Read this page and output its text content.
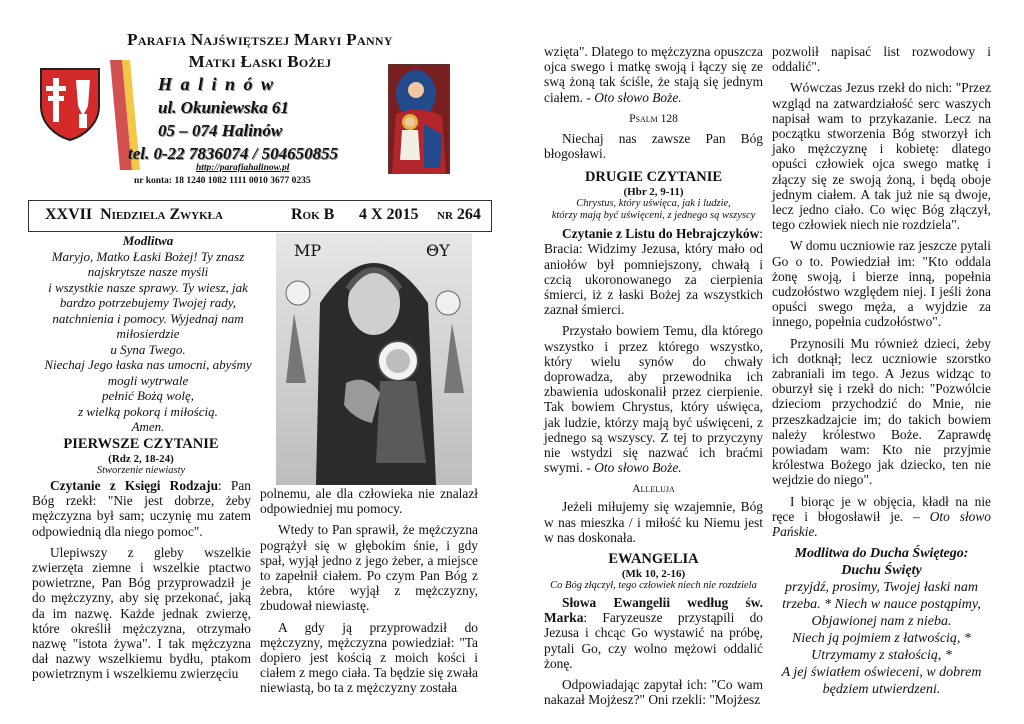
Parafia Najświętszej Maryi Panny
Matki Łaski Bożej
H a l i n ó w
ul. Okuniewska 61
05 – 074 Halinów
tel. 0-22 7836074 / 504650855
http://parafiahalinow.pl
nr konta: 18 1240 1082 1111 0010 3677 0235
XXVII  Niedziela Zwykła	Rok B 4 X 2015 nr 264
Modlitwa
Maryjo, Matko Łaski Bożej! Ty znasz
najskrytsze nasze myśli
i wszystkie nasze sprawy. Ty wiesz, jak
bardzo potrzebujemy Twojej rady,
natchnienia i pomocy. Wyjednaj nam
miłosierdzie
u Syna Twego.
Niechaj Jego łaska nas umocni, abyśmy
mogli wytrwale
pełnić Bożą wolę,
z wielką pokorą i miłością.
Amen.
MP	ΘY

PIERWSZE CZYTANIE

(Rdz 2, 18-24)

Stworzenie niewiasty

Czytanie z Księgi Rodzaju: Pan Bóg rzekł: "Nie jest dobrze, żeby mężczyzna był sam; uczynię mu zatem odpowiednią dla niego pomoc".

Ulepiwszy z gleby wszelkie zwierzęta ziemne i wszelkie ptactwo powietrzne, Pan Bóg przyprowadził je do mężczyzny, aby się przekonać, jaką da im nazwę. Każde jednak zwierzę, które określił mężczyzna, otrzymało nazwę "istota żywa". I tak mężczyzna dał nazwy wszelkiemu bydłu, ptakom powietrznym i wszelkiemu zwierzęciu

polnemu, ale dla człowieka nie znalazł odpowiedniej mu pomocy.

Wtedy to Pan sprawił, że mężczyzna pogrążył się w głębokim śnie, i gdy spał, wyjął jedno z jego żeber, a miejsce to zapełnił ciałem. Po czym Pan Bóg z żebra, które wyjął z mężczyzny, zbudował niewiastę.

A gdy ją przyprowadził do mężczyzny, mężczyzna powiedział: "Ta dopiero jest kością z moich kości i ciałem z mego ciała. Ta będzie się zwała niewiastą, bo ta z mężczyzny została

wzięta". Dlatego to mężczyzna opuszcza ojca swego i matkę swoją i łączy się ze swą żoną tak ściśle, że stają się jednym ciałem. - Oto słowo Boże.

Psalm 128

Niechaj nas zawsze Pan Bóg błogosławi.

DRUGIE CZYTANIE

(Hbr 2, 9-11)

Chrystus, który uświęca, jak i ludzie,

którzy mają być uświęceni, z jednego są wszyscy

Czytanie z Listu do Hebrajczyków: Bracia: Widzimy Jezusa, który mało od aniołów był pomniejszony, chwałą i czcią ukoronowanego za cierpienia śmierci, iż z łaski Bożej za wszystkich zaznał śmierci.

Przystało bowiem Temu, dla którego wszystko i przez którego wszystko, który wielu synów do chwały doprowadza, aby przewodnika ich zbawienia udoskonalił przez cierpienie. Tak bowiem Chrystus, który uświęca, jak ludzie, którzy mają być uświęceni, z jednego są wszyscy. Z tej to przyczyny nie wstydzi się nazwać ich braćmi swymi. - Oto słowo Boże.

Alleluja

Jeżeli miłujemy się wzajemnie, Bóg w nas mieszka / i miłość ku Niemu jest w nas doskonała.

EWANGELIA

(Mk 10, 2-16)

Co Bóg złączył, tego człowiek niech nie rozdziela

Słowa Ewangelii według św. Marka: Faryzeusze przystąpili do Jezusa i chcąc Go wystawić na próbę, pytali Go, czy wolno mężowi oddalić żonę.

Odpowiadając zapytał ich: "Co wam nakazał Mojżesz?" Oni rzekli: "Mojżesz

pozwolił napisać list rozwodowy i oddalić".

Wówczas Jezus rzekł do nich: "Przez wzgląd na zatwardziałość serc waszych napisał wam to przykazanie. Lecz na początku stworzenia Bóg stworzył ich jako mężczyznę i kobietę: dlatego opuści człowiek ojca swego matkę i złączy się ze swoją żoną, i będą oboje jednym ciałem. A tak już nie są dwoje, lecz jedno ciało. Co więc Bóg złączył, tego człowiek niech nie rozdziela".

W domu uczniowie raz jeszcze pytali Go o to. Powiedział im: "Kto oddala żonę swoją, i bierze inną, popełnia cudzołóstwo względem niej. I jeśli żona opuści swego męża, a wyjdzie za innego, popełnia cudzołóstwo".

Przynosili Mu również dzieci, żeby ich dotknął; lecz uczniowie szorstko zabraniali im tego. A Jezus widząc to oburzył się i rzekł do nich: "Pozwólcie dzieciom przychodzić do Mnie, nie przeszkadzajcie im; do takich bowiem należy królestwo Boże. Zaprawdę powiadam wam: Kto nie przyjmie królestwa Bożego jak dziecko, ten nie wejdzie do niego".

I biorąc je w objęcia, kładł na nie ręce i błogosławił je. – Oto słowo Pańskie.

Modlitwa do Ducha Świętego:
Duchu Święty
przyjdź, prosimy, Twojej łaski nam
trzeba. * Niech w nauce postąpimy,
Objawionej nam z nieba.
Niech ją pojmiem z łatwością, *
Utrzymamy z stałością, *
A jej światłem oświeceni, w dobrem
będziem utwierdzeni.
